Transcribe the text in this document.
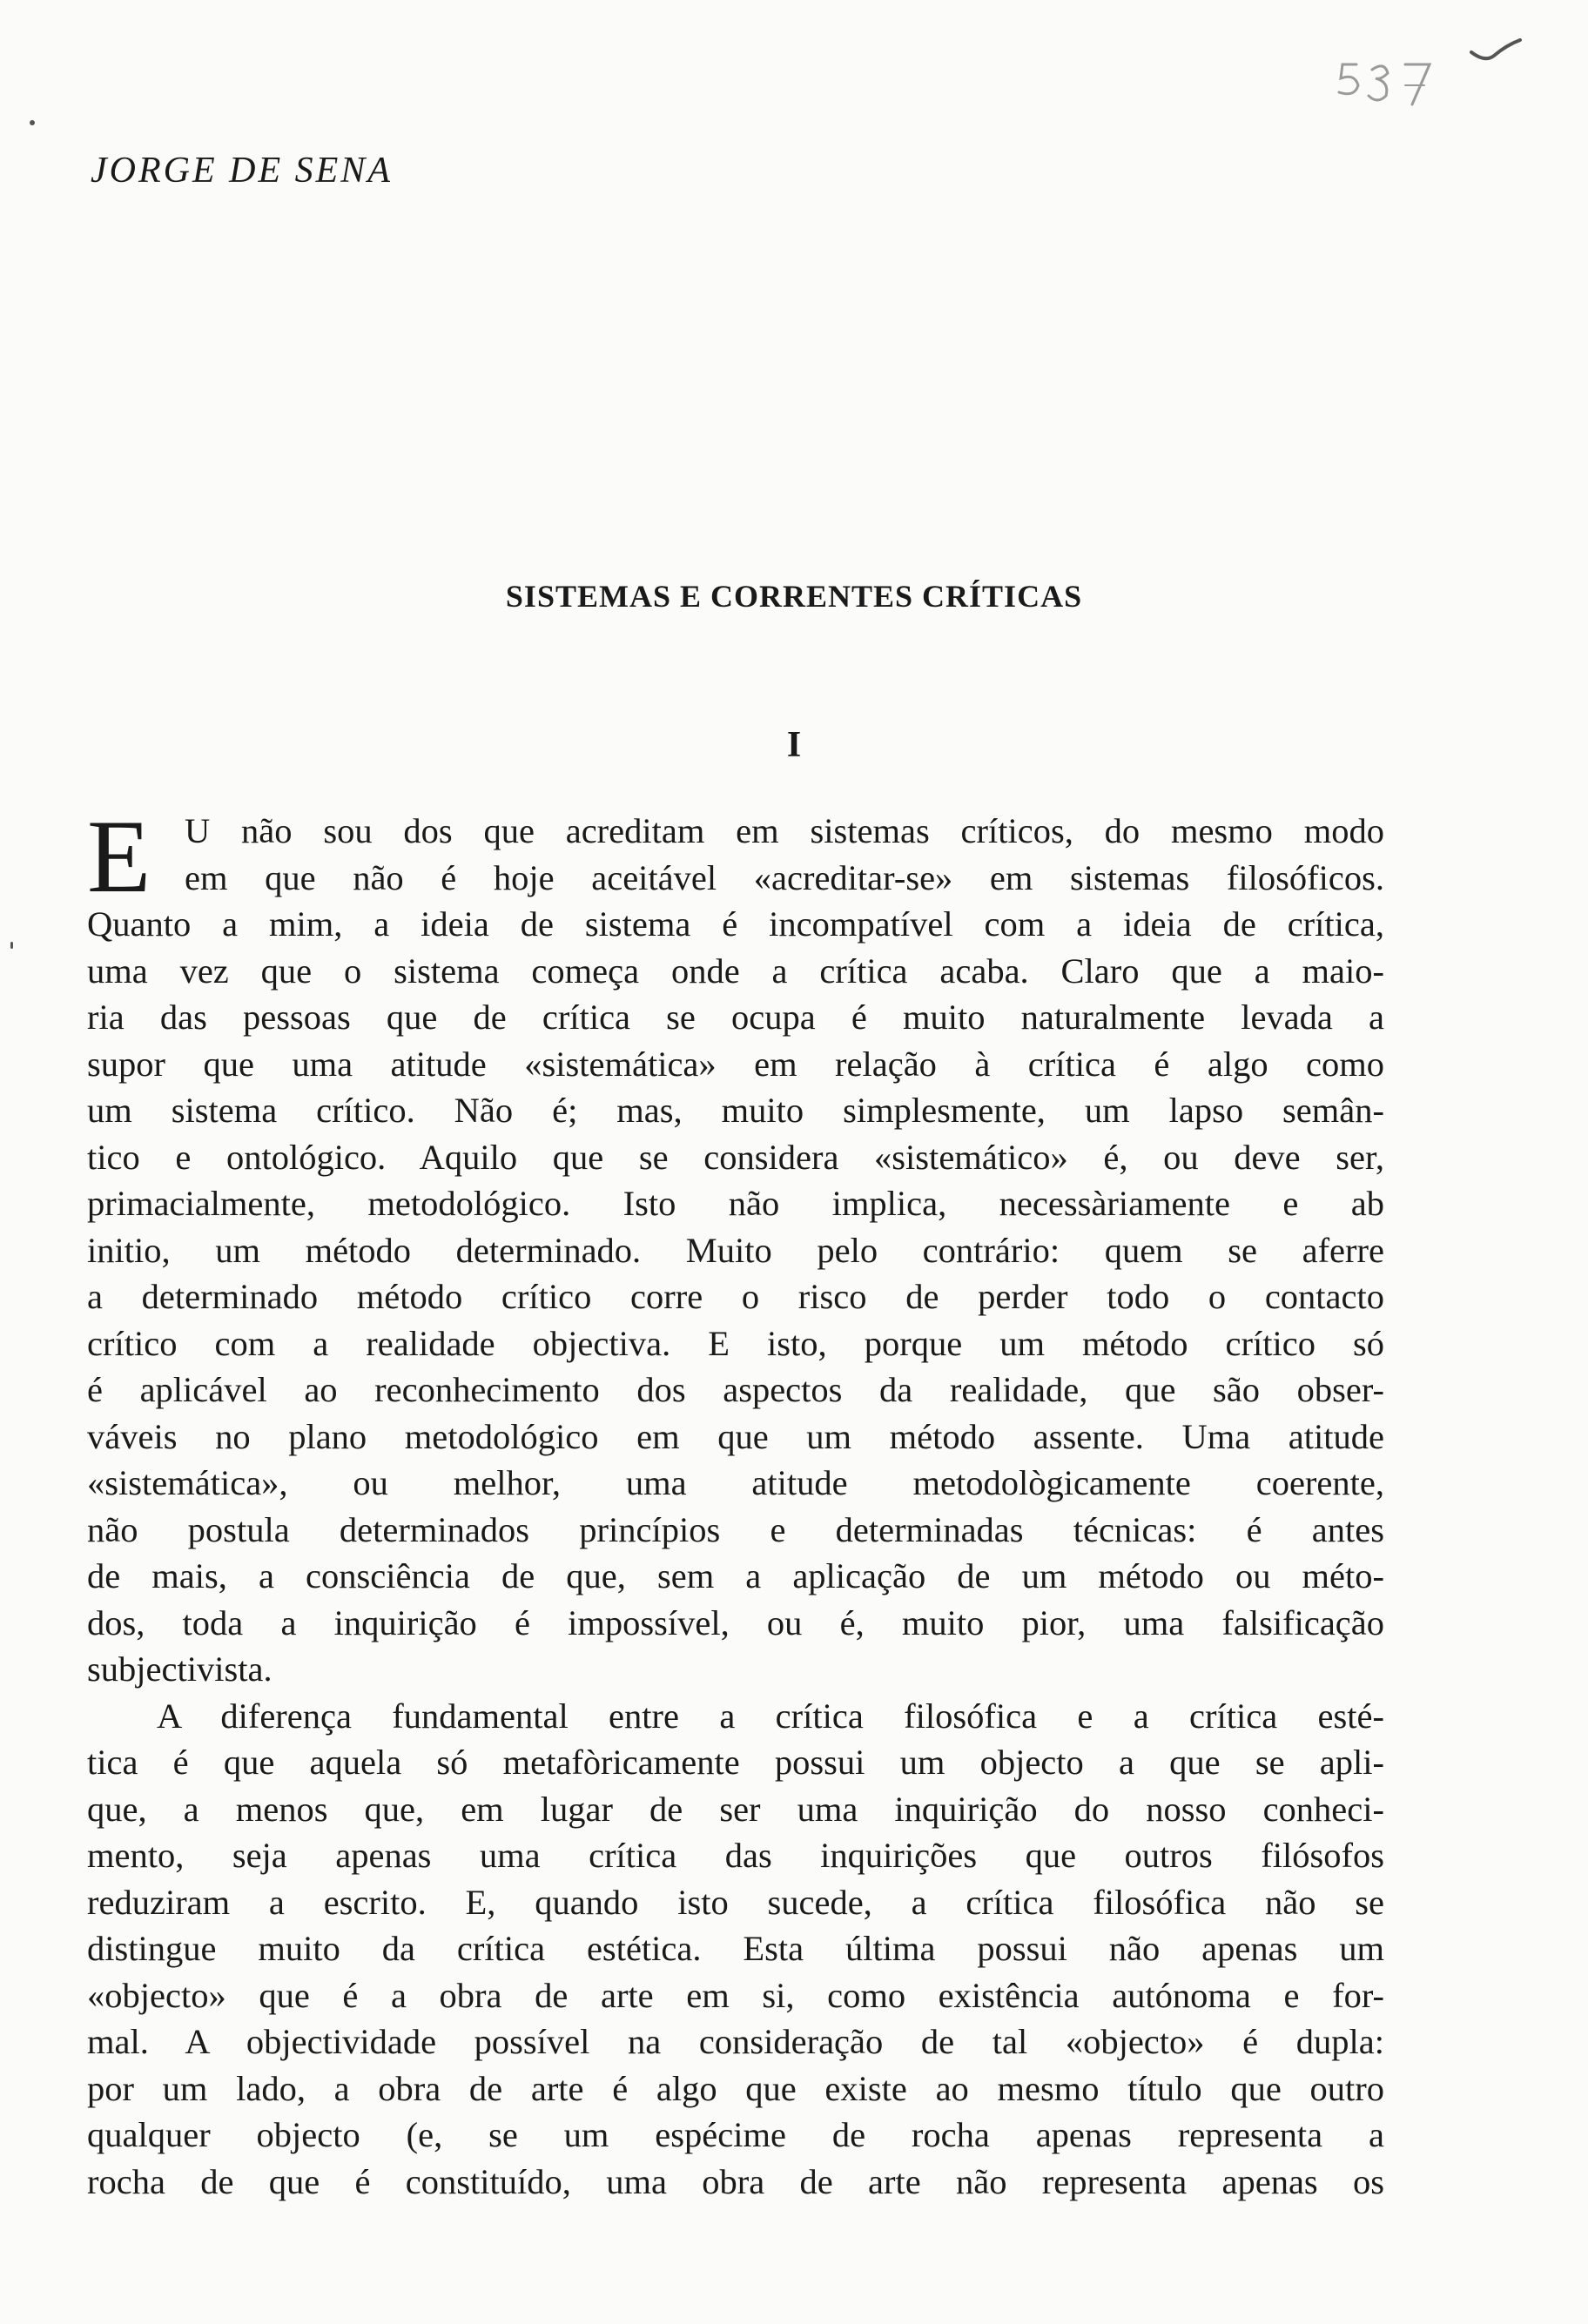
JORGE DE SENA
SISTEMAS E CORRENTES CRÍTICAS
I
E U não sou dos que acreditam em sistemas críticos, do mesmo modo
em que não é hoje aceitável «acreditar-se» em sistemas filosóficos.
Quanto a mim, a ideia de sistema é incompatível com a ideia de crítica,
uma vez que o sistema começa onde a crítica acaba. Claro que a maio-
ria das pessoas que de crítica se ocupa é muito naturalmente levada a
supor que uma atitude «sistemática» em relação à crítica é algo como
um sistema crítico. Não é; mas, muito simplesmente, um lapso semân-
tico e ontológico. Aquilo que se considera «sistemático» é, ou deve ser,
primacialmente, metodológico. Isto não implica, necessàriamente e ab
initio, um método determinado. Muito pelo contrário: quem se aferre
a determinado método crítico corre o risco de perder todo o contacto
crítico com a realidade objectiva. E isto, porque um método crítico só
é aplicável ao reconhecimento dos aspectos da realidade, que são obser-
váveis no plano metodológico em que um método assente. Uma atitude
«sistemática», ou melhor, uma atitude metodològicamente coerente,
não postula determinados princípios e determinadas técnicas: é antes
de mais, a consciência de que, sem a aplicação de um método ou méto-
dos, toda a inquirição é impossível, ou é, muito pior, uma falsificação
subjectivista.
A diferença fundamental entre a crítica filosófica e a crítica esté-
tica é que aquela só metafòricamente possui um objecto a que se apli-
que, a menos que, em lugar de ser uma inquirição do nosso conheci-
mento, seja apenas uma crítica das inquirições que outros filósofos
reduziram a escrito. E, quando isto sucede, a crítica filosófica não se
distingue muito da crítica estética. Esta última possui não apenas um
«objecto» que é a obra de arte em si, como existência autónoma e for-
mal. A objectividade possível na consideração de tal «objecto» é dupla:
por um lado, a obra de arte é algo que existe ao mesmo título que outro
qualquer objecto (e, se um espécime de rocha apenas representa a
rocha de que é constituído, uma obra de arte não representa apenas os
